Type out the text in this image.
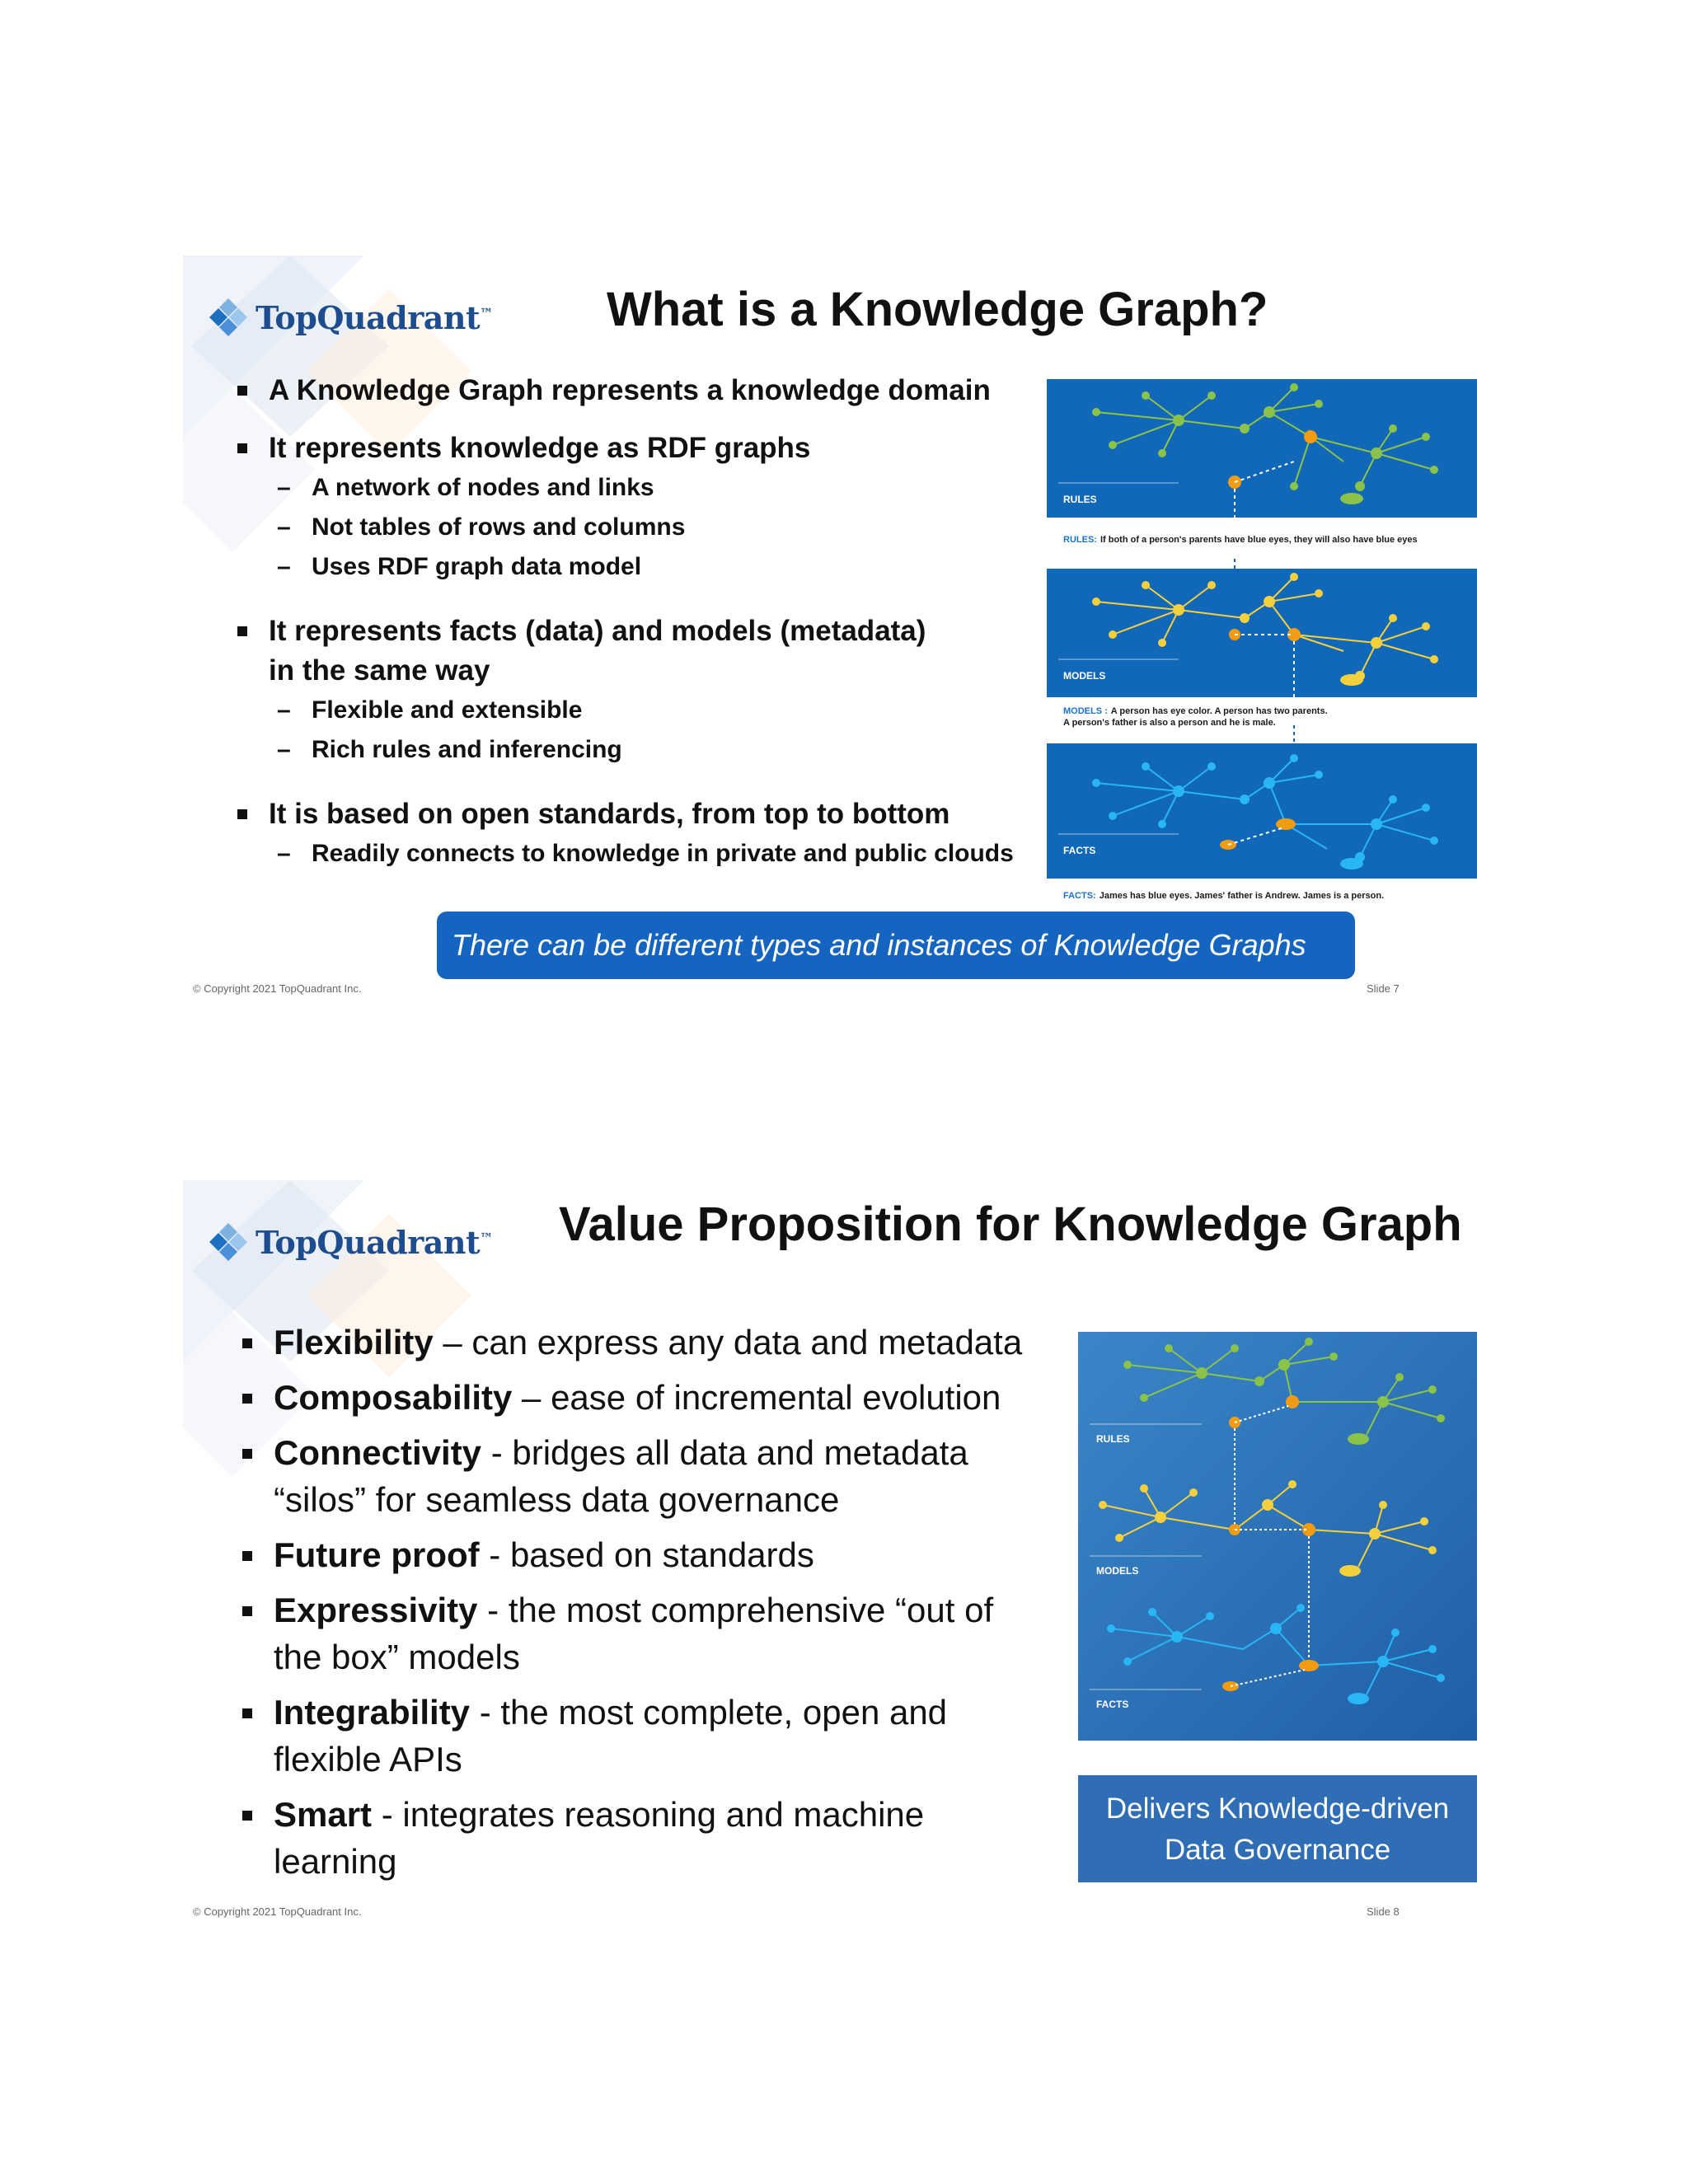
TopQuadrant™ What is a Knowledge Graph?
A Knowledge Graph represents a knowledge domain
It represents knowledge as RDF graphs
– A network of nodes and links
– Not tables of rows and columns
– Uses RDF graph data model
It represents facts (data) and models (metadata)
in the same way
– Flexible and extensible
– Rich rules and inferencing
It is based on open standards, from top to bottom
– Readily connects to knowledge in private and public clouds
RULES
RULES: If both of a person's parents have blue eyes, they will also have blue eyes
MODELS
MODELS : A person has eye color. A person has two parents.
A person's father is also a person and he is male.
FACTS
FACTS: James has blue eyes. James' father is Andrew. James is a person.
There can be different types and instances of Knowledge Graphs
© Copyright 2021 TopQuadrant Inc.	Slide 7
TopQuadrant™ Value Proposition for Knowledge Graph
Flexibility – can express any data and metadata
Composability – ease of incremental evolution
Connectivity - bridges all data and metadata “silos” for seamless data governance
Future proof - based on standards
Expressivity - the most comprehensive “out of the box” models
Integrability - the most complete, open and flexible APIs
Smart - integrates reasoning and machine learning
RULES
MODELS
FACTS
Delivers Knowledge-driven
Data Governance
© Copyright 2021 TopQuadrant Inc.	Slide 8
